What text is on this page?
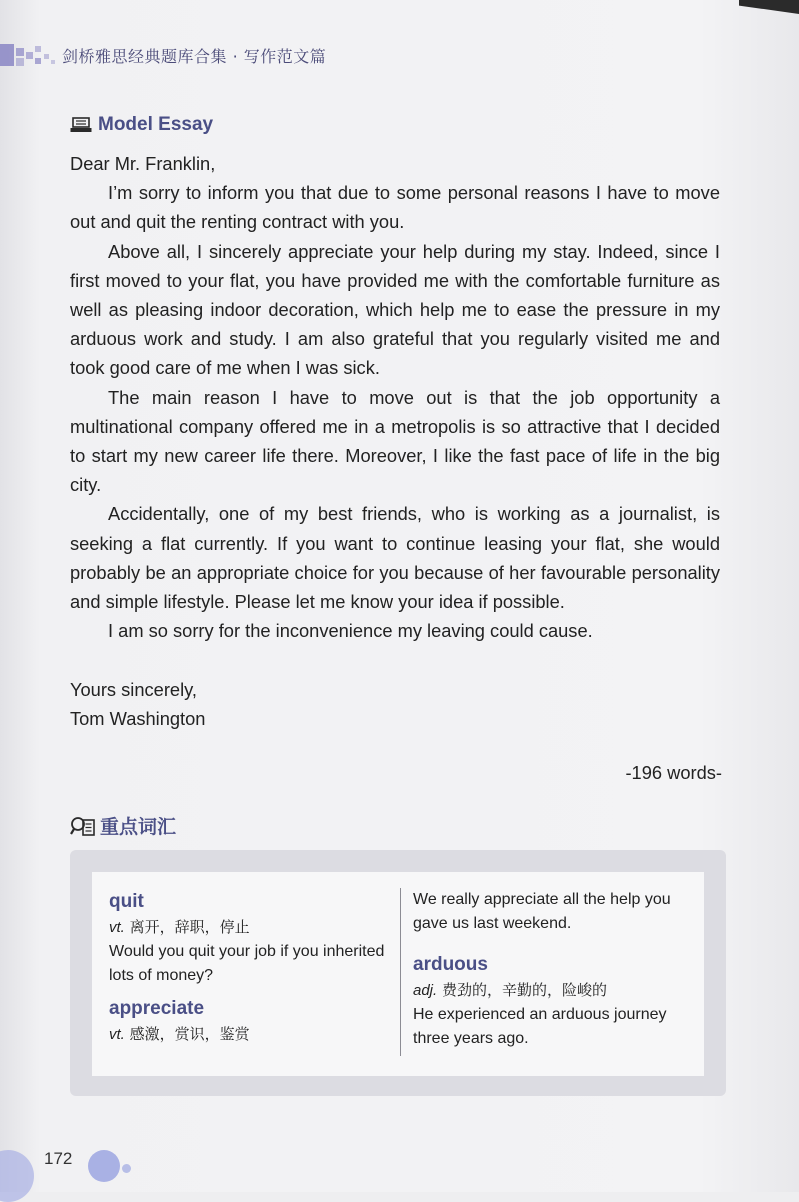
剑桥雅思经典题库合集 · 写作范文篇
Model Essay

Dear Mr. Franklin,

I’m sorry to inform you that due to some personal reasons I have to move out and quit the renting contract with you.

Above all, I sincerely appreciate your help during my stay. Indeed, since I first moved to your flat, you have provided me with the comfortable furniture as well as pleasing indoor decoration, which help me to ease the pressure in my arduous work and study. I am also grateful that you regularly visited me and took good care of me when I was sick.

The main reason I have to move out is that the job opportunity a multinational company offered me in a metropolis is so attractive that I decided to start my new career life there. Moreover, I like the fast pace of life in the big city.

Accidentally, one of my best friends, who is working as a journalist, is seeking a flat currently. If you want to continue leasing your flat, she would probably be an appropriate choice for you because of her favourable personality and simple lifestyle. Please let me know your idea if possible.

I am so sorry for the inconvenience my leaving could cause.

Yours sincerely,

Tom Washington

-196 words-
重点词汇
quit
vt. 离开，辞职，停止

Would you quit your job if you inherited lots of money?

appreciate
vt. 感激，赏识，鉴赏

We really appreciate all the help you gave us last weekend.

arduous
adj. 费劲的，辛勤的，险峻的

He experienced an arduous journey three years ago.

172
